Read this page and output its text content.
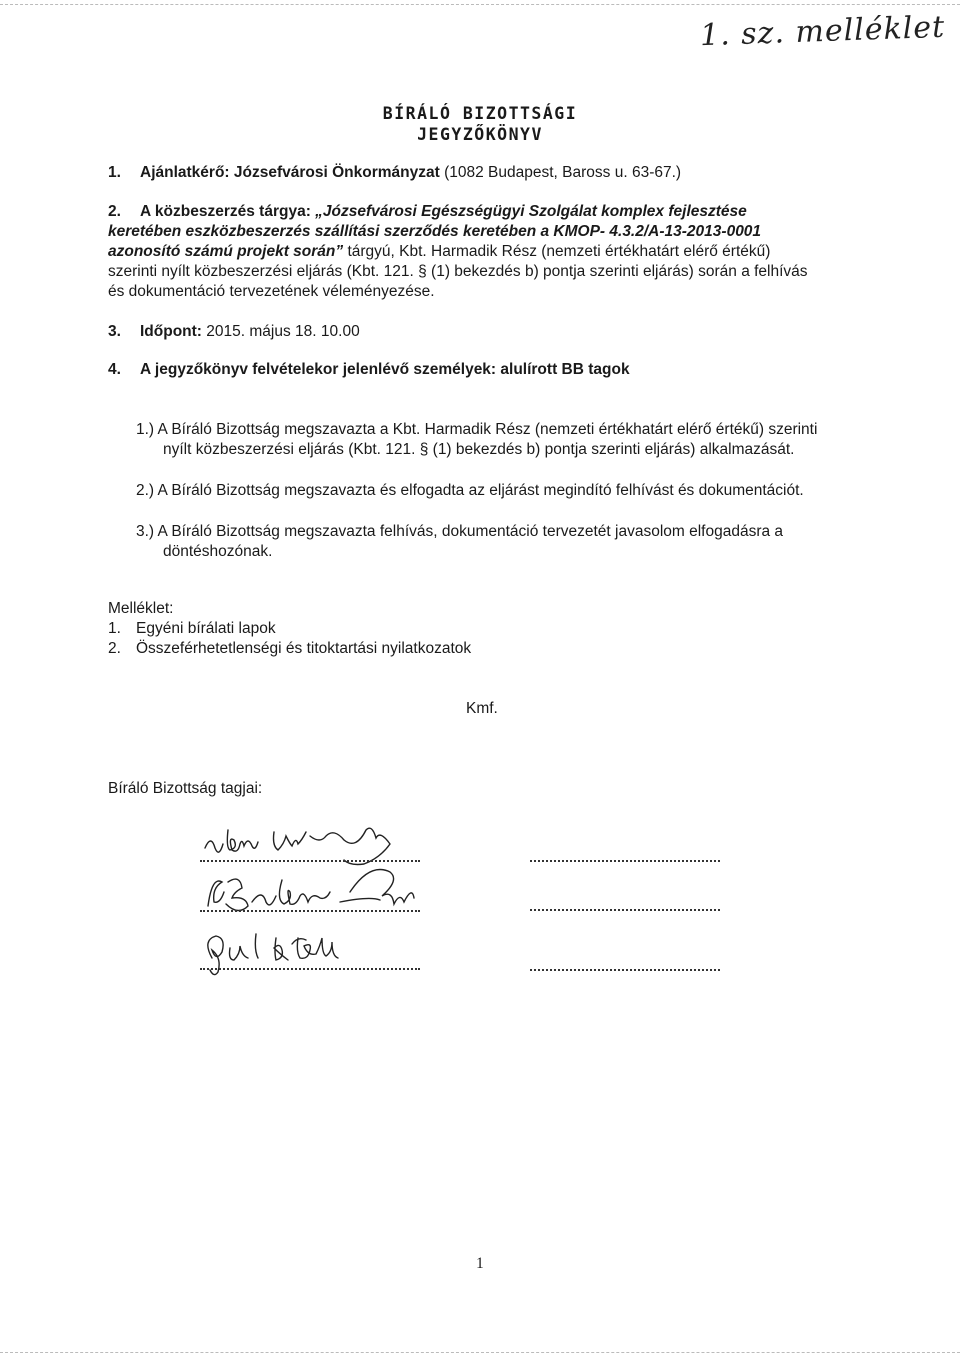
1. sz. melléklet
BÍRÁLÓ BIZOTTSÁGI
JEGYZŐKÖNYV
1. Ajánlatkérő: Józsefvárosi Önkormányzat (1082 Budapest, Baross u. 63-67.)
2. A közbeszerzés tárgya: „Józsefvárosi Egészségügyi Szolgálat komplex fejlesztése
keretében eszközbeszerzés szállítási szerződés keretében a KMOP- 4.3.2/A-13-2013-0001
azonosító számú projekt során” tárgyú, Kbt. Harmadik Rész (nemzeti értékhatárt elérő értékű)
szerinti nyílt közbeszerzési eljárás (Kbt. 121. § (1) bekezdés b) pontja szerinti eljárás) során a felhívás
és dokumentáció tervezetének véleményezése.
3. Időpont: 2015. május 18. 10.00
4. A jegyzőkönyv felvételekor jelenlévő személyek: alulírott BB tagok
1.) A Bíráló Bizottság megszavazta a Kbt. Harmadik Rész (nemzeti értékhatárt elérő értékű) szerinti
nyílt közbeszerzési eljárás (Kbt. 121. § (1) bekezdés b) pontja szerinti eljárás) alkalmazását.
2.) A Bíráló Bizottság megszavazta és elfogadta az eljárást megindító felhívást és dokumentációt.
3.) A Bíráló Bizottság megszavazta felhívás, dokumentáció tervezetét javasolom elfogadásra a
döntéshozónak.
Melléklet:
1. Egyéni bírálati lapok
2. Összeférhetetlenségi és titoktartási nyilatkozatok
Kmf.
Bíráló Bizottság tagjai:
1
